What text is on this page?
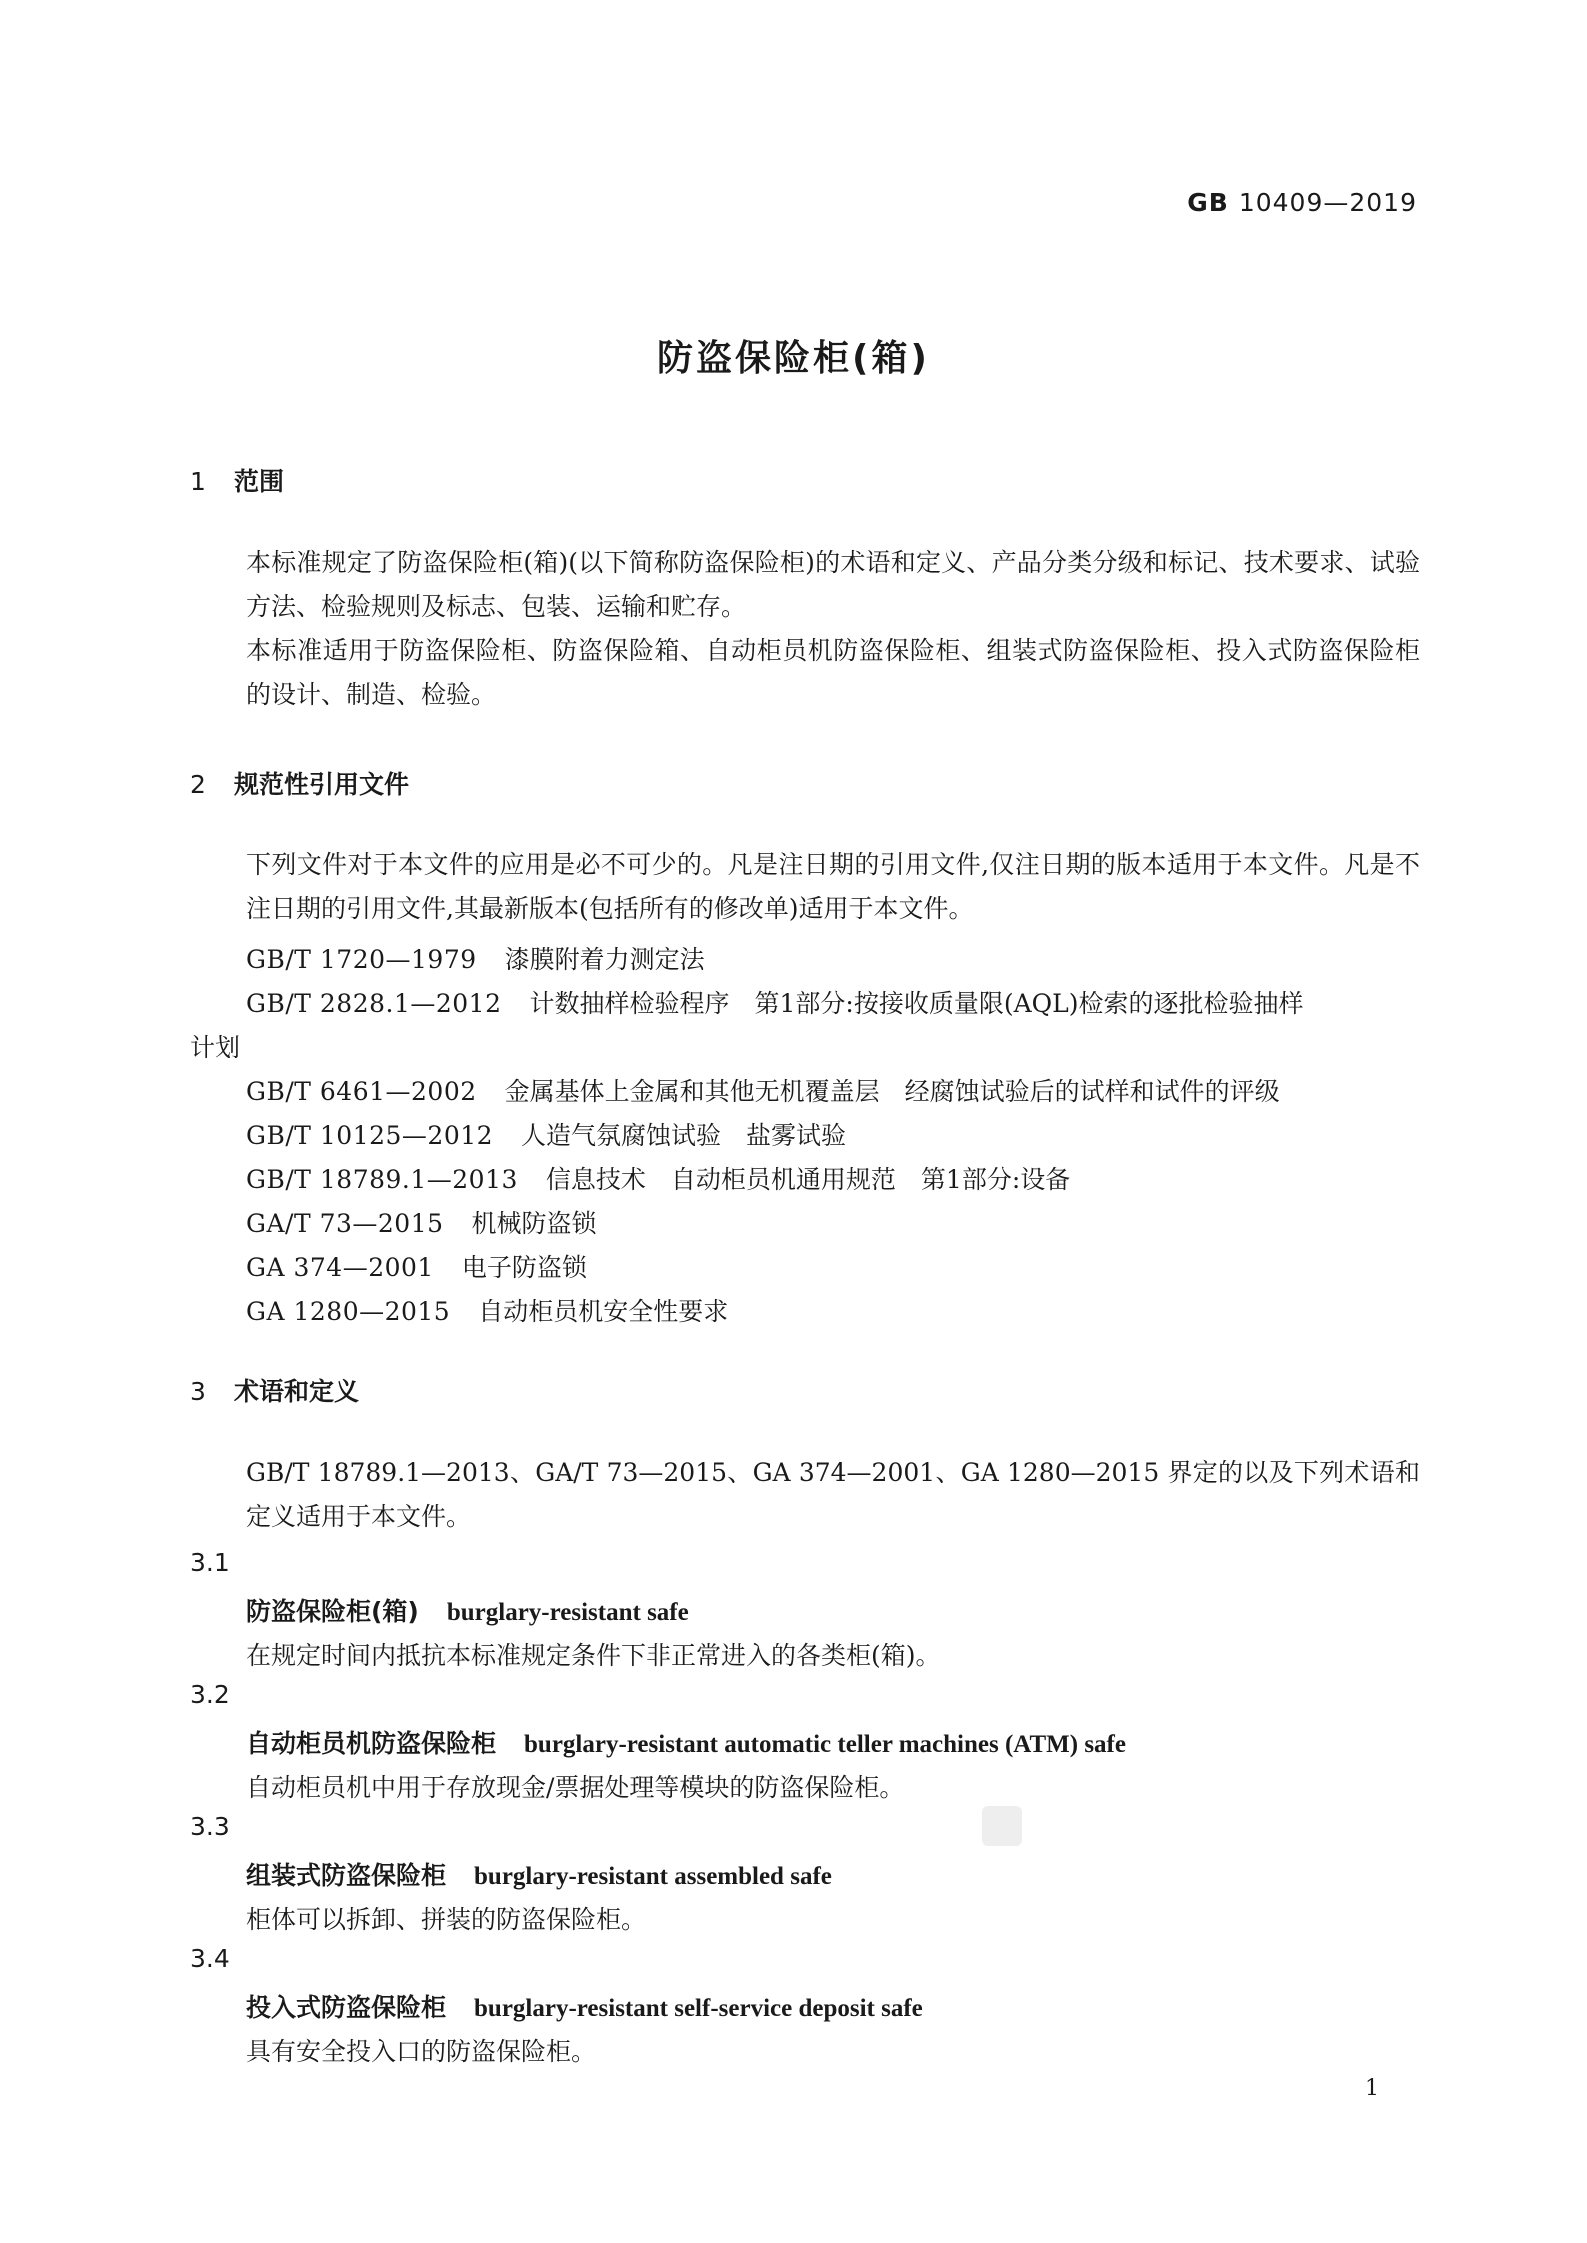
GB 10409—2019
防盗保险柜(箱)
1 范围
本标准规定了防盗保险柜(箱)(以下简称防盗保险柜)的术语和定义、产品分类分级和标记、技术要求、试验方法、检验规则及标志、包装、运输和贮存。
本标准适用于防盗保险柜、防盗保险箱、自动柜员机防盗保险柜、组装式防盗保险柜、投入式防盗保险柜的设计、制造、检验。
2 规范性引用文件
下列文件对于本文件的应用是必不可少的。凡是注日期的引用文件,仅注日期的版本适用于本文件。凡是不注日期的引用文件,其最新版本(包括所有的修改单)适用于本文件。
GB/T 1720—1979 漆膜附着力测定法
GB/T 2828.1—2012 计数抽样检验程序　第1部分:按接收质量限(AQL)检索的逐批检验抽样
计划
GB/T 6461—2002 金属基体上金属和其他无机覆盖层　经腐蚀试验后的试样和试件的评级
GB/T 10125—2012 人造气氛腐蚀试验　盐雾试验
GB/T 18789.1—2013 信息技术　自动柜员机通用规范　第1部分:设备
GA/T 73—2015 机械防盗锁
GA 374—2001 电子防盗锁
GA 1280—2015 自动柜员机安全性要求
3 术语和定义
GB/T 18789.1—2013、GA/T 73—2015、GA 374—2001、GA 1280—2015 界定的以及下列术语和定义适用于本文件。
3.1
防盗保险柜(箱) burglary-resistant safe
在规定时间内抵抗本标准规定条件下非正常进入的各类柜(箱)。
3.2
自动柜员机防盗保险柜 burglary-resistant automatic teller machines (ATM) safe
自动柜员机中用于存放现金/票据处理等模块的防盗保险柜。
3.3
组装式防盗保险柜 burglary-resistant assembled safe
柜体可以拆卸、拼装的防盗保险柜。
3.4
投入式防盗保险柜 burglary-resistant self-service deposit safe
具有安全投入口的防盗保险柜。
1
